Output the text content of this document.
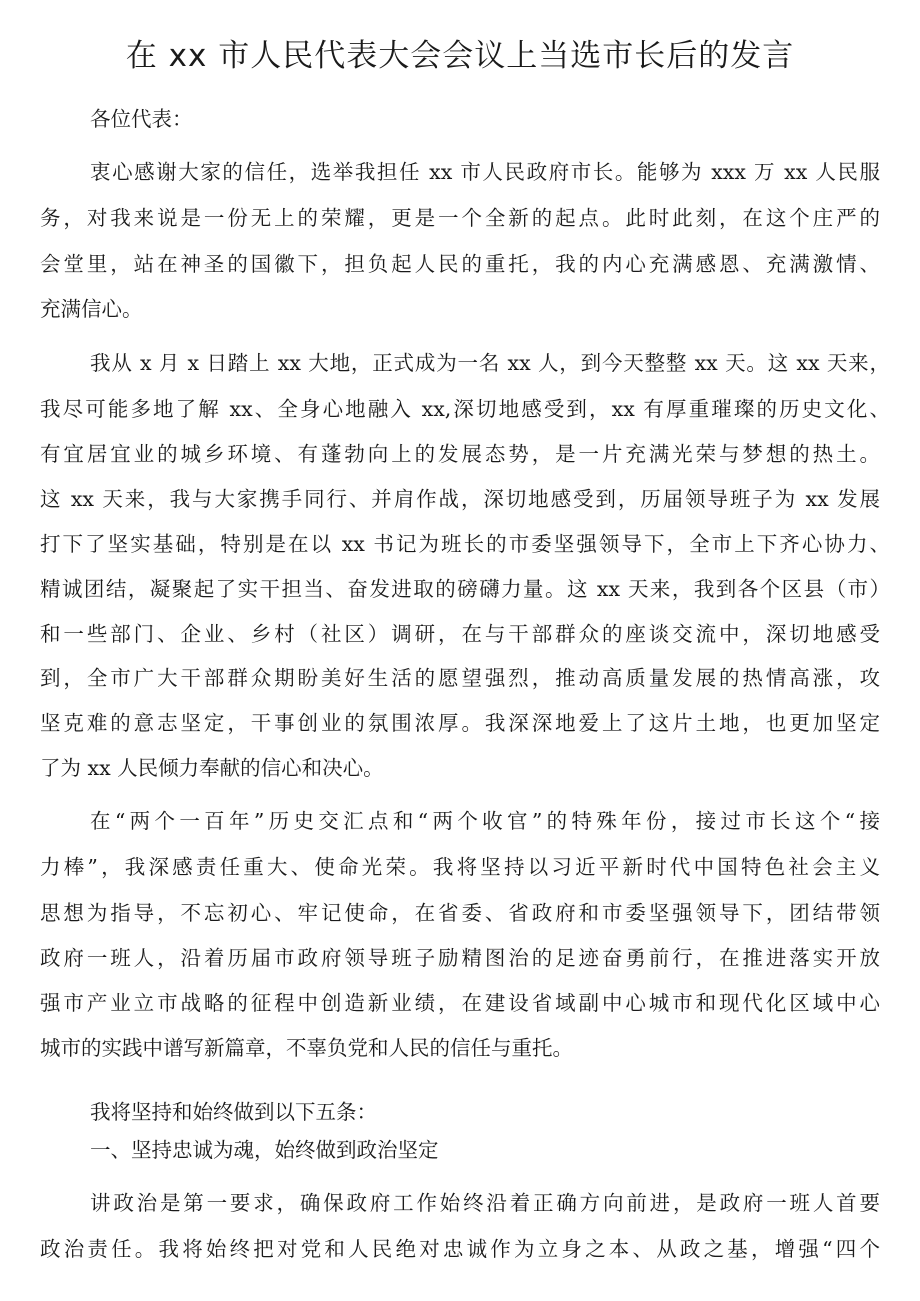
在 xx 市人民代表大会会议上当选市长后的发言

各位代表：

衷心感谢大家的信任，选举我担任 xx 市人民政府市长。能够为 xxx 万 xx 人民服

务，对我来说是一份无上的荣耀，更是一个全新的起点。此时此刻，在这个庄严的

会堂里，站在神圣的国徽下，担负起人民的重托，我的内心充满感恩、充满激情、

充满信心。

我从 x 月 x 日踏上 xx 大地，正式成为一名 xx 人，到今天整整 xx 天。这 xx 天来，

我尽可能多地了解 xx、全身心地融入 xx,深切地感受到，xx 有厚重璀璨的历史文化、

有宜居宜业的城乡环境、有蓬勃向上的发展态势，是一片充满光荣与梦想的热土。

这 xx 天来，我与大家携手同行、并肩作战，深切地感受到，历届领导班子为 xx 发展

打下了坚实基础，特别是在以 xx 书记为班长的市委坚强领导下，全市上下齐心协力、

精诚团结，凝聚起了实干担当、奋发进取的磅礴力量。这 xx 天来，我到各个区县（市）

和一些部门、企业、乡村（社区）调研，在与干部群众的座谈交流中，深切地感受

到，全市广大干部群众期盼美好生活的愿望强烈，推动高质量发展的热情高涨，攻

坚克难的意志坚定，干事创业的氛围浓厚。我深深地爱上了这片土地，也更加坚定

了为 xx 人民倾力奉献的信心和决心。

在“两个一百年”历史交汇点和“两个收官”的特殊年份，接过市长这个“接

力棒”，我深感责任重大、使命光荣。我将坚持以习近平新时代中国特色社会主义

思想为指导，不忘初心、牢记使命，在省委、省政府和市委坚强领导下，团结带领

政府一班人，沿着历届市政府领导班子励精图治的足迹奋勇前行，在推进落实开放

强市产业立市战略的征程中创造新业绩，在建设省域副中心城市和现代化区域中心

城市的实践中谱写新篇章，不辜负党和人民的信任与重托。

我将坚持和始终做到以下五条：

一、坚持忠诚为魂，始终做到政治坚定

讲政治是第一要求，确保政府工作始终沿着正确方向前进，是政府一班人首要

政治责任。我将始终把对党和人民绝对忠诚作为立身之本、从政之基，增强“四个
